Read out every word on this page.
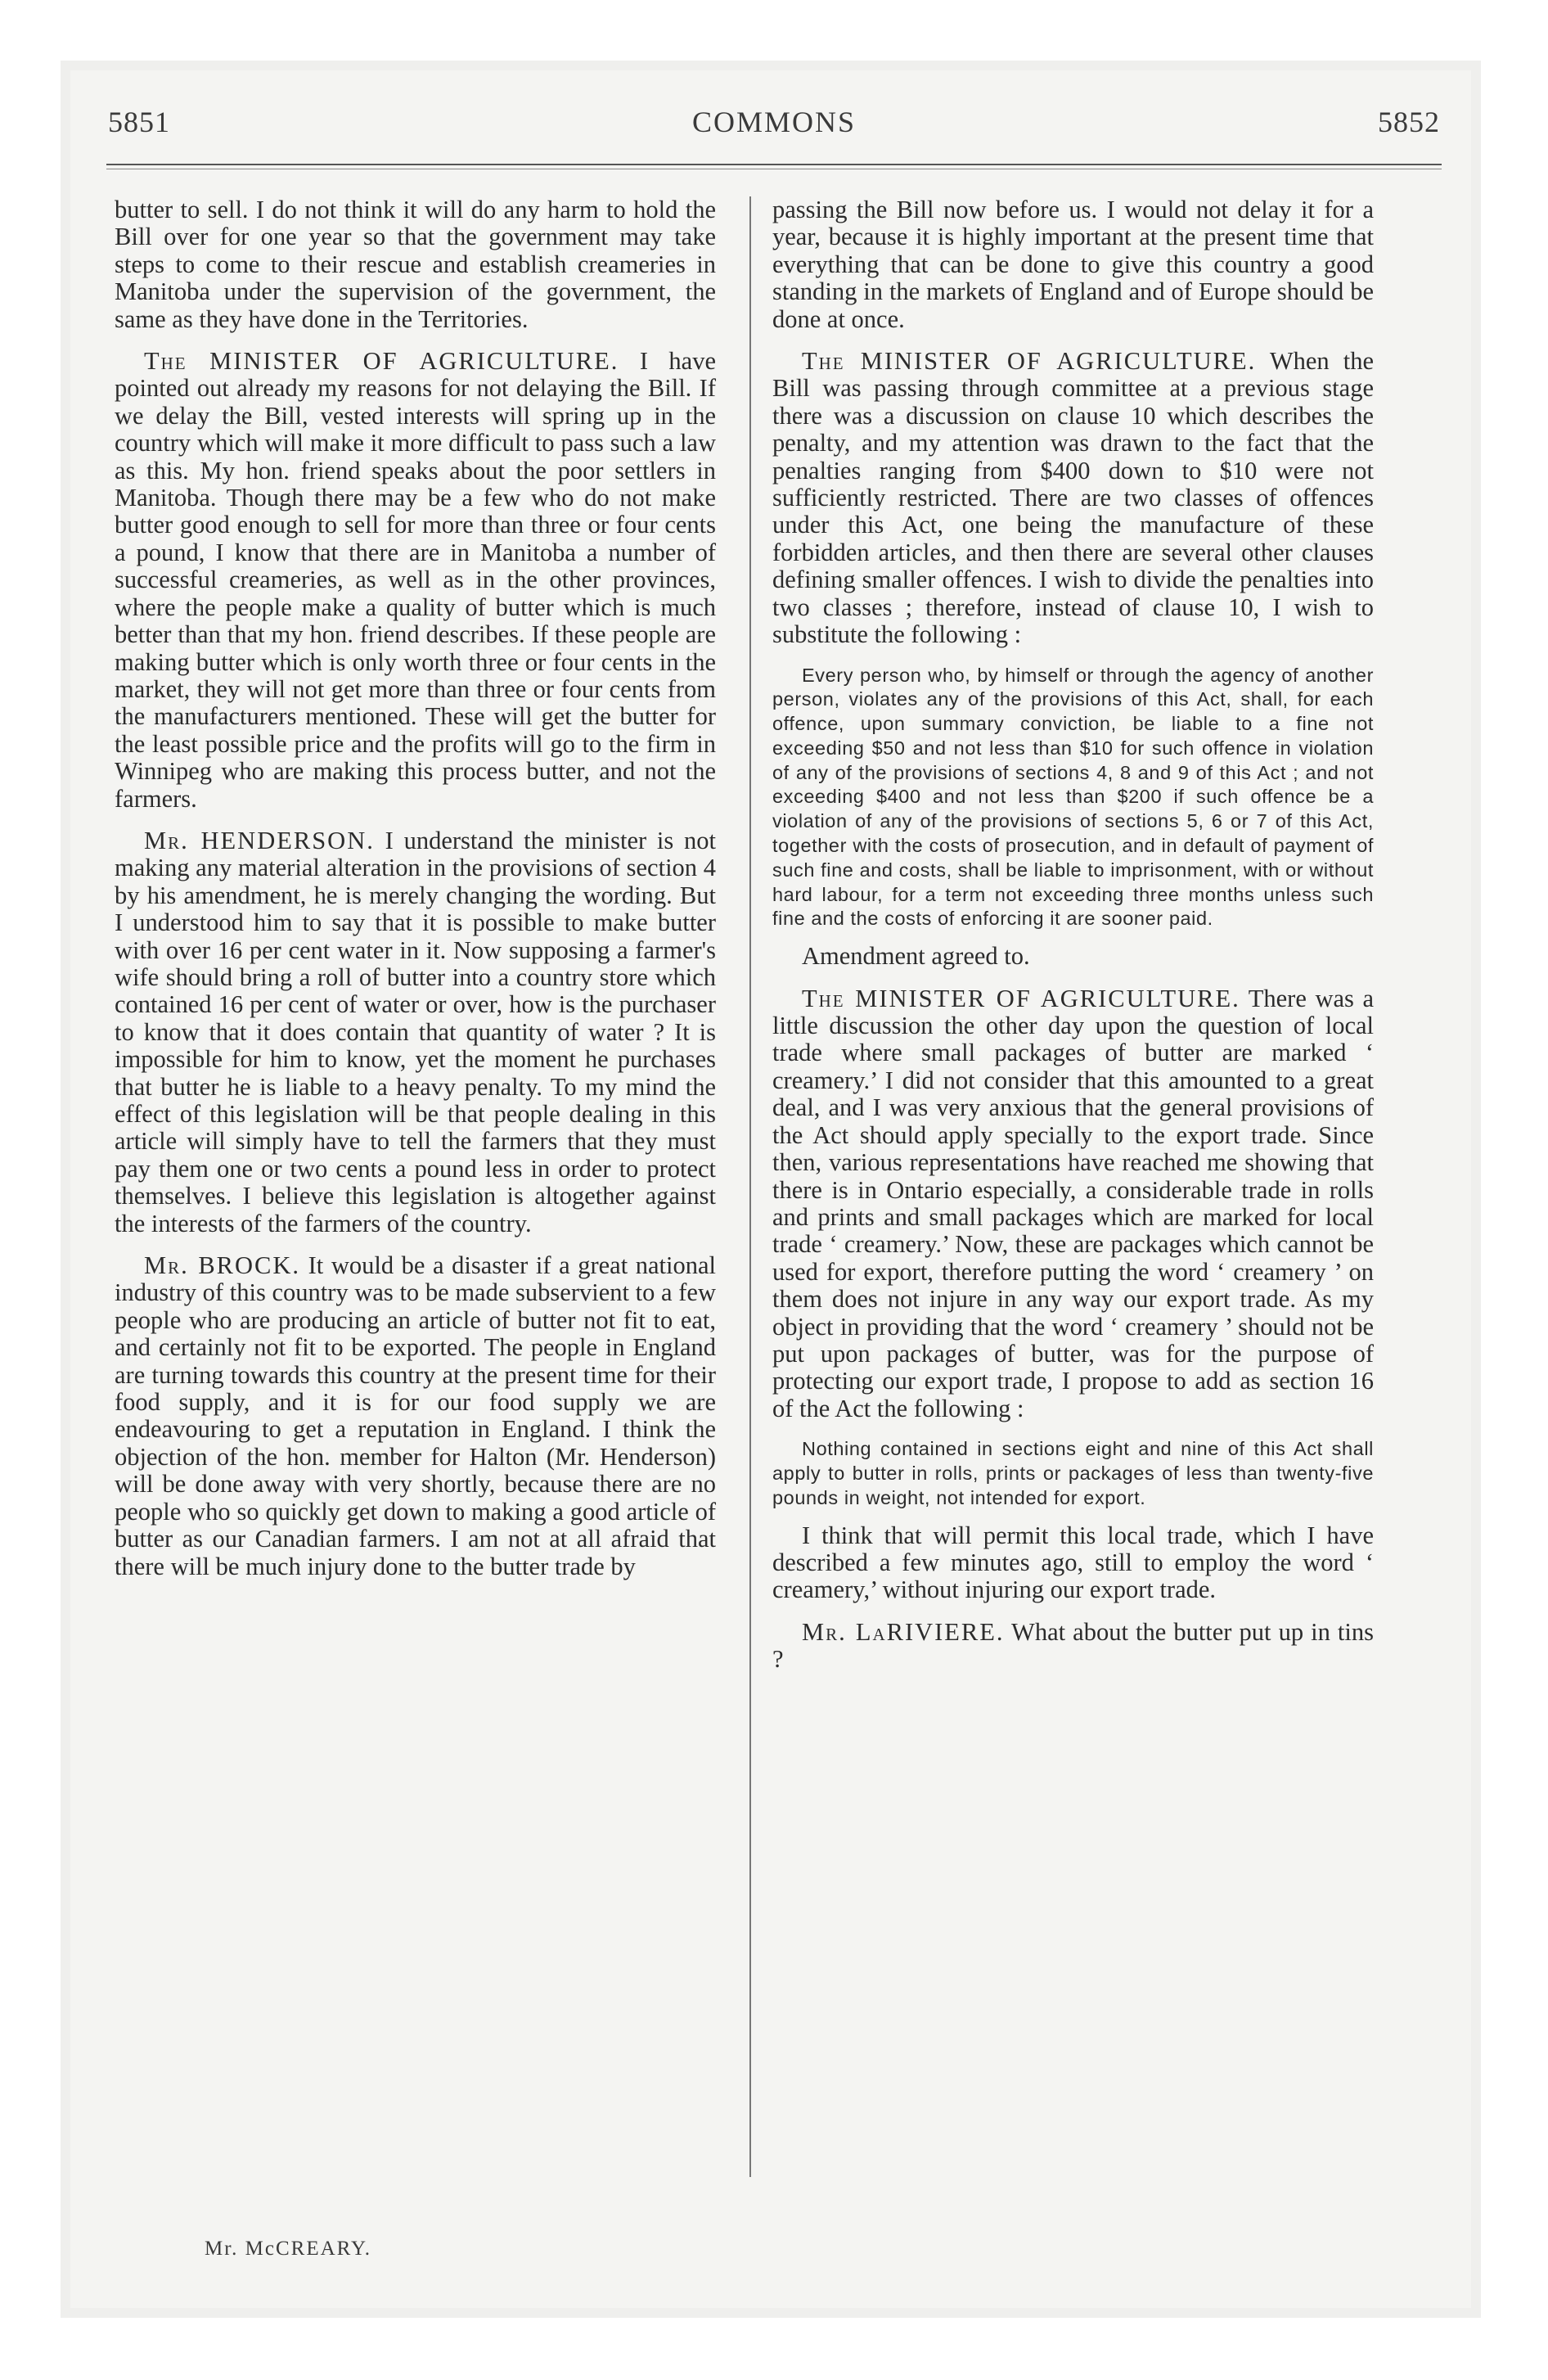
5851	COMMONS	5852

butter to sell. I do not think it will do any harm to hold the Bill over for one year so that the government may take steps to come to their rescue and establish creameries in Manitoba under the supervision of the government, the same as they have done in the Territories.

The MINISTER OF AGRICULTURE. I have pointed out already my reasons for not delaying the Bill. If we delay the Bill, vested interests will spring up in the country which will make it more difficult to pass such a law as this. My hon. friend speaks about the poor settlers in Manitoba. Though there may be a few who do not make butter good enough to sell for more than three or four cents a pound, I know that there are in Manitoba a number of successful creameries, as well as in the other provinces, where the people make a quality of butter which is much better than that my hon. friend describes. If these people are making butter which is only worth three or four cents in the market, they will not get more than three or four cents from the manufacturers mentioned. These will get the butter for the least possible price and the profits will go to the firm in Winnipeg who are making this process butter, and not the farmers.

Mr. HENDERSON. I understand the minister is not making any material alteration in the provisions of section 4 by his amendment, he is merely changing the wording. But I understood him to say that it is possible to make butter with over 16 per cent water in it. Now supposing a farmer's wife should bring a roll of butter into a country store which contained 16 per cent of water or over, how is the purchaser to know that it does contain that quantity of water ? It is impossible for him to know, yet the moment he purchases that butter he is liable to a heavy penalty. To my mind the effect of this legislation will be that people dealing in this article will simply have to tell the farmers that they must pay them one or two cents a pound less in order to protect themselves. I believe this legislation is altogether against the interests of the farmers of the country.

Mr. BROCK. It would be a disaster if a great national industry of this country was to be made subservient to a few people who are producing an article of butter not fit to eat, and certainly not fit to be exported. The people in England are turning towards this country at the present time for their food supply, and it is for our food supply we are endeavouring to get a reputation in England. I think the objection of the hon. member for Halton (Mr. Henderson) will be done away with very shortly, because there are no people who so quickly get down to making a good article of butter as our Canadian farmers. I am not at all afraid that there will be much injury done to the butter trade by

passing the Bill now before us. I would not delay it for a year, because it is highly important at the present time that everything that can be done to give this country a good standing in the markets of England and of Europe should be done at once.

The MINISTER OF AGRICULTURE. When the Bill was passing through committee at a previous stage there was a discussion on clause 10 which describes the penalty, and my attention was drawn to the fact that the penalties ranging from $400 down to $10 were not sufficiently restricted. There are two classes of offences under this Act, one being the manufacture of these forbidden articles, and then there are several other clauses defining smaller offences. I wish to divide the penalties into two classes ; therefore, instead of clause 10, I wish to substitute the following :

Every person who, by himself or through the agency of another person, violates any of the provisions of this Act, shall, for each offence, upon summary conviction, be liable to a fine not exceeding $50 and not less than $10 for such offence in violation of any of the provisions of sections 4, 8 and 9 of this Act ; and not exceeding $400 and not less than $200 if such offence be a violation of any of the provisions of sections 5, 6 or 7 of this Act, together with the costs of prosecution, and in default of payment of such fine and costs, shall be liable to imprisonment, with or without hard labour, for a term not exceeding three months unless such fine and the costs of enforcing it are sooner paid.
Amendment agreed to.

The MINISTER OF AGRICULTURE. There was a little discussion the other day upon the question of local trade where small packages of butter are marked ‘ creamery.’ I did not consider that this amounted to a great deal, and I was very anxious that the general provisions of the Act should apply specially to the export trade. Since then, various representations have reached me showing that there is in Ontario especially, a considerable trade in rolls and prints and small packages which are marked for local trade ‘ creamery.’ Now, these are packages which cannot be used for export, therefore putting the word ‘ creamery ’ on them does not injure in any way our export trade. As my object in providing that the word ‘ creamery ’ should not be put upon packages of butter, was for the purpose of protecting our export trade, I propose to add as section 16 of the Act the following :

Nothing contained in sections eight and nine of this Act shall apply to butter in rolls, prints or packages of less than twenty-five pounds in weight, not intended for export.
I think that will permit this local trade, which I have described a few minutes ago, still to employ the word ‘ creamery,’ without injuring our export trade.

Mr. LaRIVIERE. What about the butter put up in tins ?

Mr. McCREARY.
